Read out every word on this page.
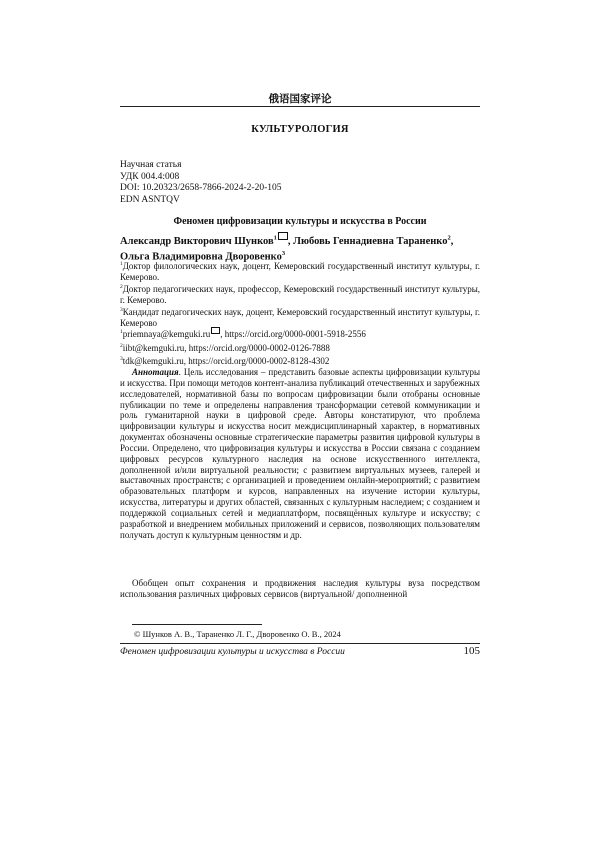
俄语国家评论
КУЛЬТУРОЛОГИЯ
Научная статья
УДК 004.4:008
DOI: 10.20323/2658-7866-2024-2-20-105
EDN ASNTQV
Феномен цифровизации культуры и искусства в России
Александр Викторович Шунков$^1$ , Любовь Геннадиевна Тараненко$^2$,
Ольга Владимировна Дворовенко$^3$
$^1$Доктор филологических наук, доцент, Кемеровский государственный институт культуры, г. Кемерово.
$^2$Доктор педагогических наук, профессор, Кемеровский государственный институт культуры, г. Кемерово.
$^3$Кандидат педагогических наук, доцент, Кемеровский государственный институт культуры, г. Кемерово
$^1$priemnaya@kemguki.ru , https://orcid.org/0000-0001-5918-2556
$^2$iibt@kemguki.ru, https://orcid.org/0000-0002-0126-7888
$^3$tdk@kemguki.ru, https://orcid.org/0000-0002-8128-4302

Аннотация. Цель исследования – представить базовые аспекты цифровизации культуры и искусства. При помощи методов контент-анализа публикаций отечественных и зарубежных исследователей, нормативной базы по вопросам цифровизации были отобраны основные публикации по теме и определены направления трансформации сетевой коммуникации и роль гуманитарной науки в цифровой среде. Авторы констатируют, что проблема цифровизации культуры и искусства носит междисциплинарный характер, в нормативных документах обозначены основные стратегические параметры развития цифровой культуры в России. Определено, что цифровизация культуры и искусства в России связана с созданием цифровых ресурсов культурного наследия на основе искусственного интеллекта, дополненной и/или виртуальной реальности; с развитием виртуальных музеев, галерей и выставочных пространств; с организацией и проведением онлайн-мероприятий; с развитием образовательных платформ и курсов, направленных на изучение истории культуры, искусства, литературы и других областей, связанных с культурным наследием; с созданием и поддержкой социальных сетей и медиаплатформ, посвящённых культуре и искусству; с разработкой и внедрением мобильных приложений и сервисов, позволяющих пользователям получать доступ к культурным ценностям и др.

Обобщен опыт сохранения и продвижения наследия культуры вуза посредством использования различных цифровых сервисов (виртуальной/ дополненной

© Шунков А. В., Тараненко Л. Г., Дворовенко О. В., 2024
Феномен цифровизации культуры и искусства в России	105
